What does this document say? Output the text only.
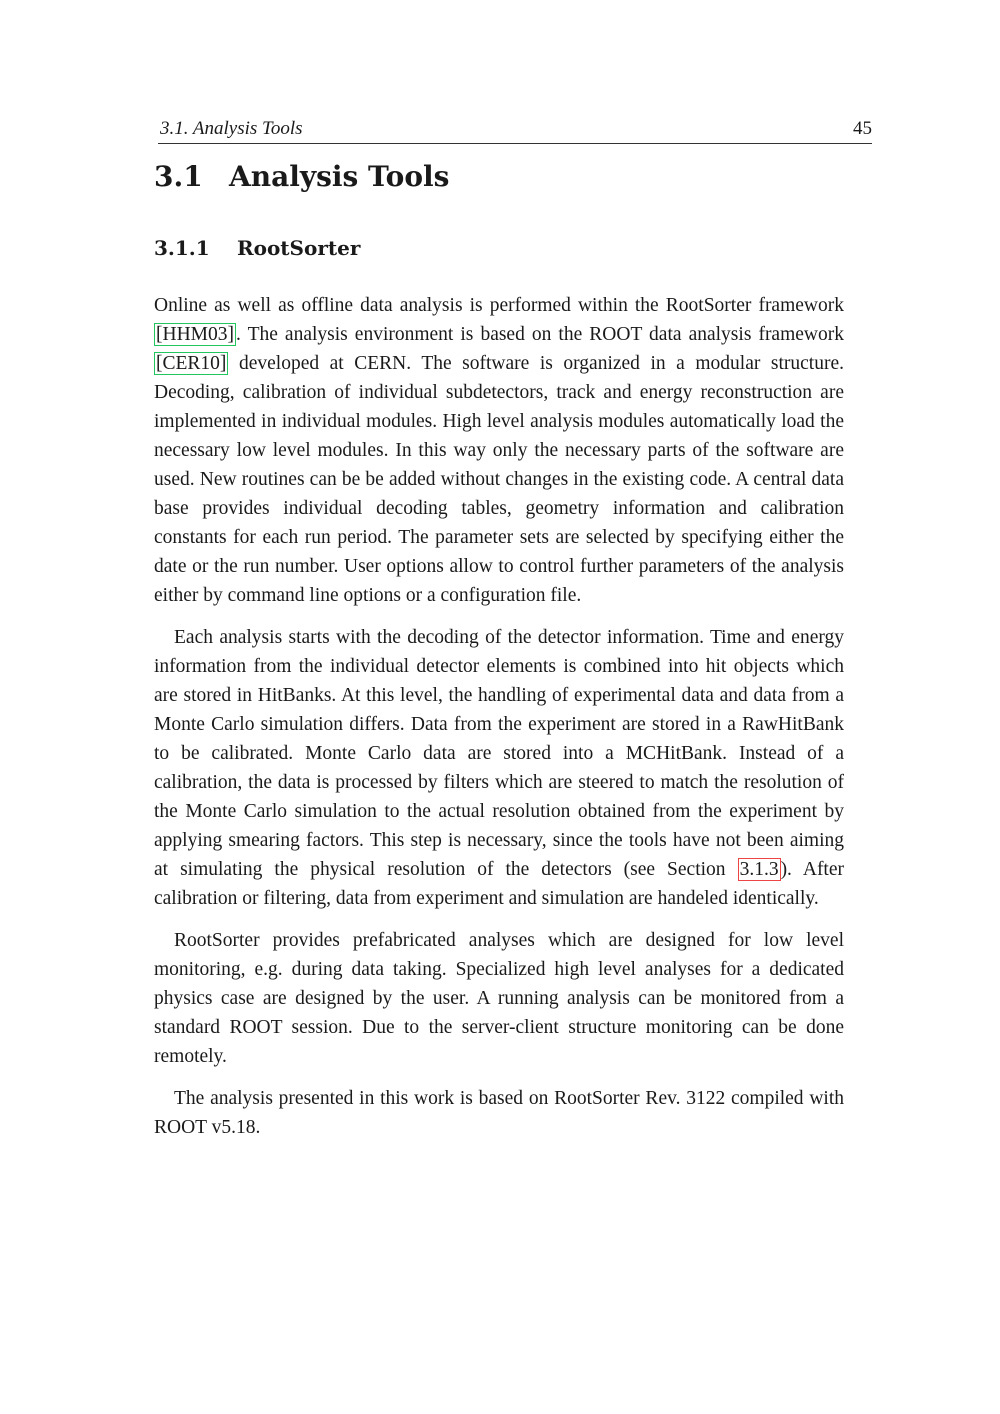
3.1. Analysis Tools	45
3.1 Analysis Tools
3.1.1 RootSorter

Online as well as offline data analysis is performed within the RootSorter framework [HHM03] . The analysis environment is based on the ROOT data analysis framework [CER10] developed at CERN. The software is organized in a modular structure. Decoding, calibration of individual subdetectors, track and energy reconstruction are implemented in individual modules. High level analysis modules automatically load the necessary low level modules. In this way only the necessary parts of the software are used. New routines can be be added without changes in the existing code. A central data base provides individual decoding tables, geometry information and calibration constants for each run period. The parameter sets are selected by specifying either the date or the run number. User options allow to control further parameters of the analysis either by command line options or a configuration file.

Each analysis starts with the decoding of the detector information. Time and energy information from the individual detector elements is combined into hit objects which are stored in HitBanks. At this level, the handling of experimental data and data from a Monte Carlo simulation differs. Data from the experiment are stored in a RawHitBank to be calibrated. Monte Carlo data are stored into a MCHitBank. Instead of a calibration, the data is processed by filters which are steered to match the resolution of the Monte Carlo simulation to the actual resolution obtained from the experiment by applying smearing factors. This step is necessary, since the tools have not been aiming at simulating the physical resolution of the detectors (see Section 3.1.3 ). After calibration or filtering, data from experiment and simulation are handeled identically.

RootSorter provides prefabricated analyses which are designed for low level monitoring, e.g. during data taking. Specialized high level analyses for a dedicated physics case are designed by the user. A running analysis can be monitored from a standard ROOT session. Due to the server-client structure monitoring can be done remotely.

The analysis presented in this work is based on RootSorter Rev. 3122 compiled with ROOT v5.18.
